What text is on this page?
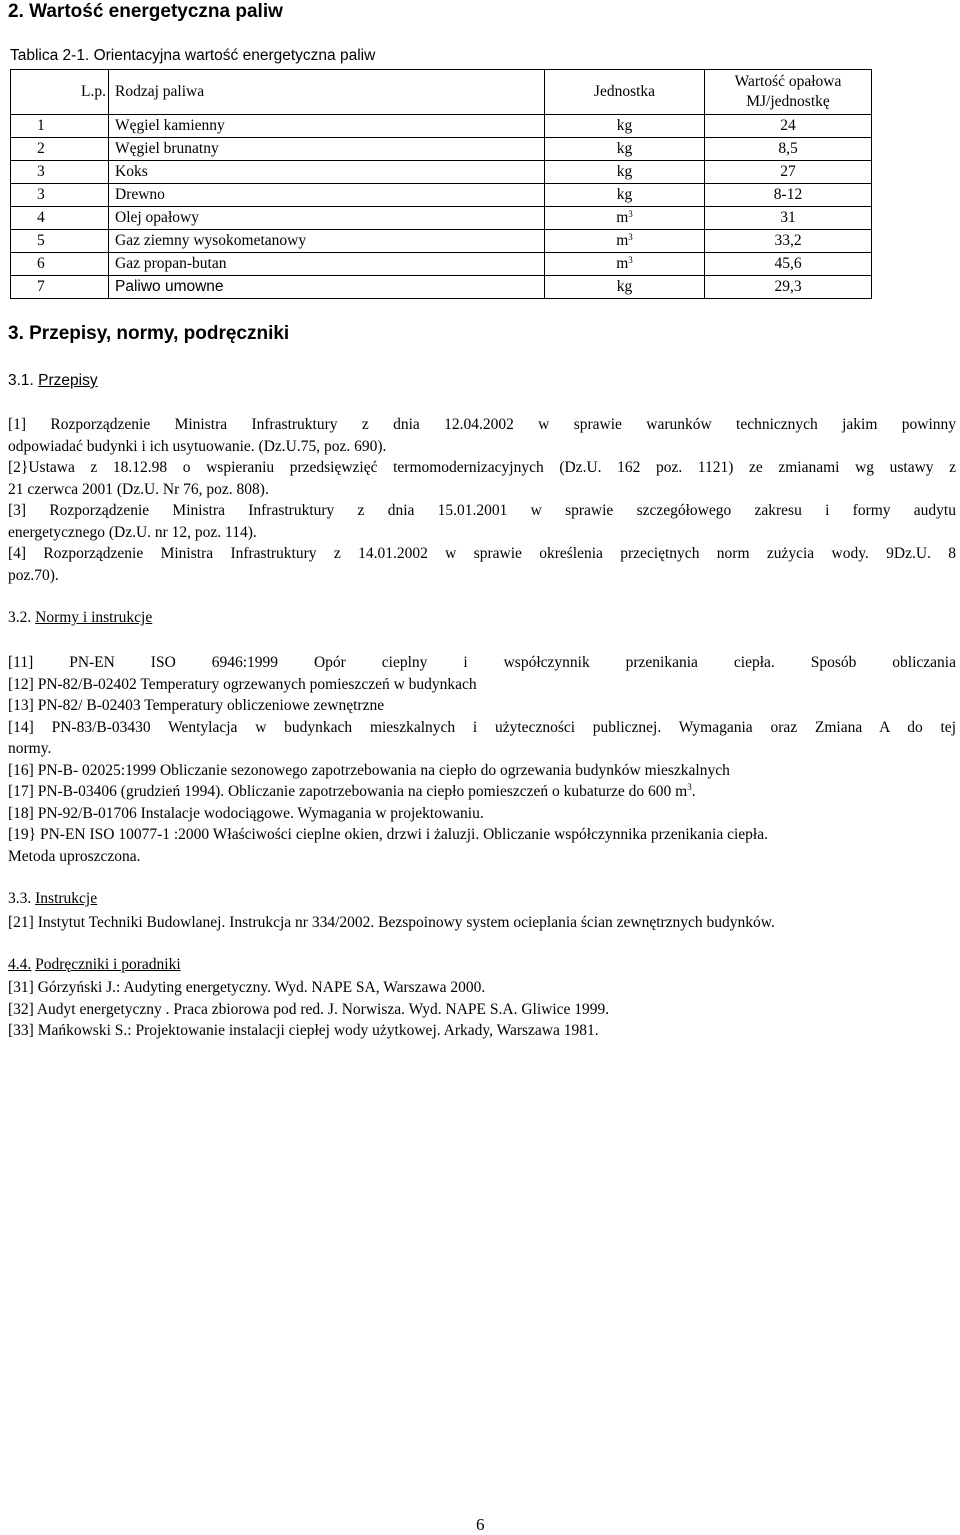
2. Wartość energetyczna paliw
Tablica 2-1. Orientacyjna wartość energetyczna paliw
L.p.	Rodzaj paliwa	Jednostka	Wartość opałowa
MJ/jednostkę

1	Węgiel kamienny	kg	24
2	Węgiel brunatny	kg	8,5
3	Koks	kg	27
3	Drewno	kg	8-12
4	Olej opałowy	$m^3$	31
5	Gaz ziemny wysokometanowy	$m^3$	33,2
6	Gaz propan-butan	$m^3$	45,6
7	Paliwo umowne	kg	29,3
3. Przepisy, normy, podręczniki
3.1. Przepisy
[1] Rozporządzenie Ministra Infrastruktury z dnia 12.04.2002 w sprawie warunków technicznych jakim powinny
odpowiadać budynki i ich usytuowanie. (Dz.U.75, poz. 690).
[2}Ustawa z 18.12.98 o wspieraniu przedsięwzięć termomodernizacyjnych (Dz.U. 162 poz. 1121) ze zmianami wg ustawy z
21 czerwca 2001 (Dz.U. Nr 76, poz. 808).
[3] Rozporządzenie Ministra Infrastruktury z dnia 15.01.2001 w sprawie szczegółowego zakresu i formy audytu
energetycznego (Dz.U. nr 12, poz. 114).
[4] Rozporządzenie Ministra Infrastruktury z 14.01.2002 w sprawie określenia przeciętnych norm zużycia wody. 9Dz.U. 8
poz.70).
3.2. Normy i instrukcje
[11] PN-EN ISO 6946:1999 Opór cieplny i współczynnik przenikania ciepła. Sposób obliczania
[12] PN-82/B-02402 Temperatury ogrzewanych pomieszczeń w budynkach
[13] PN-82/ B-02403 Temperatury obliczeniowe zewnętrzne
[14] PN-83/B-03430 Wentylacja w budynkach mieszkalnych i użyteczności publicznej. Wymagania oraz Zmiana A do tej
normy.
[16] PN-B- 02025:1999 Obliczanie sezonowego zapotrzebowania na ciepło do ogrzewania budynków mieszkalnych
[17] PN-B-03406 (grudzień 1994). Obliczanie zapotrzebowania na ciepło pomieszczeń o kubaturze do 600 $m^3$.
[18] PN-92/B-01706 Instalacje wodociągowe. Wymagania w projektowaniu.
[19} PN-EN ISO 10077-1 :2000 Właściwości cieplne okien, drzwi i żaluzji. Obliczanie współczynnika przenikania ciepła.
Metoda uproszczona.
3.3. Instrukcje
[21] Instytut Techniki Budowlanej. Instrukcja nr 334/2002. Bezspoinowy system ocieplania ścian zewnętrznych budynków.
4.4. Podręczniki i poradniki
[31] Górzyński J.: Audyting energetyczny. Wyd. NAPE SA, Warszawa 2000.
[32] Audyt energetyczny . Praca zbiorowa pod red. J. Norwisza. Wyd. NAPE S.A. Gliwice 1999.
[33] Mańkowski S.: Projektowanie instalacji ciepłej wody użytkowej. Arkady, Warszawa 1981.
6
